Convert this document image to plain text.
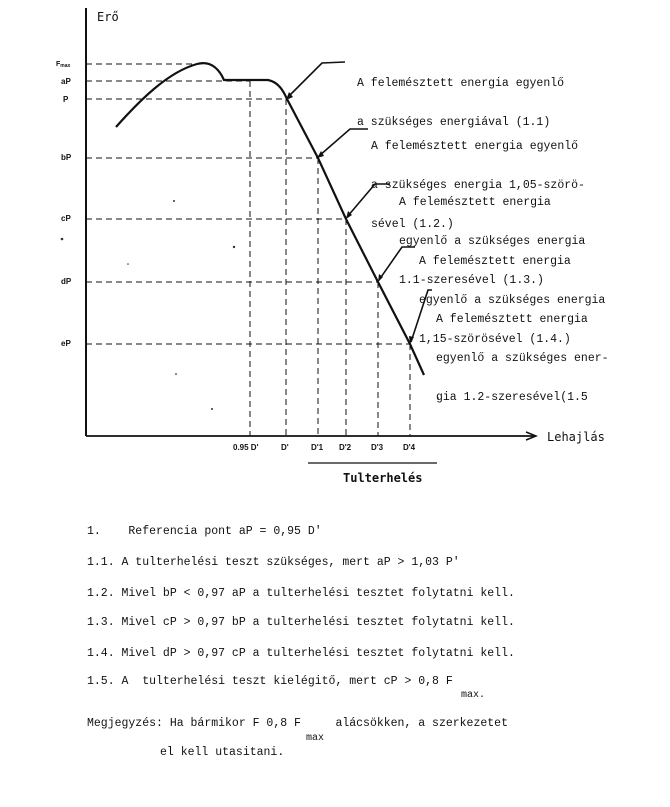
Erő
Lehajlás
Fmax
aP
P
bP
cP
dP
eP
0.95 D'	D'	D'1 D'2 D'3 D'4
Tulterhelés

A felemésztett energia egyenlő

a szükséges energiával (1.1)

A felemésztett energia egyenlő

a szükséges energia 1,05-szörö-

sével (1.2.)

A felemésztett energia

egyenlő a szükséges energia

1.1-szeresével (1.3.)

A felemésztett energia

egyenlő a szükséges energia

1,15-szörösével (1.4.)

A felemésztett energia

egyenlő a szükséges ener-

gia 1.2-szeresével(1.5

1.    Referencia pont aP = 0,95 D'
1.1. A tulterhelési teszt szükséges, mert aP > 1,03 P'
1.2. Mivel bP < 0,97 aP a tulterhelési tesztet folytatni kell.
1.3. Mivel cP > 0,97 bP a tulterhelési tesztet folytatni kell.
1.4. Mivel dP > 0,97 cP a tulterhelési tesztet folytatni kell.
1.5. A  tulterhelési teszt kielégitő, mert cP > 0,8 F
max.
Megjegyzés: Ha bármikor F 0,8 F     alácsökken, a szerkezetet
max
el kell utasitani.
